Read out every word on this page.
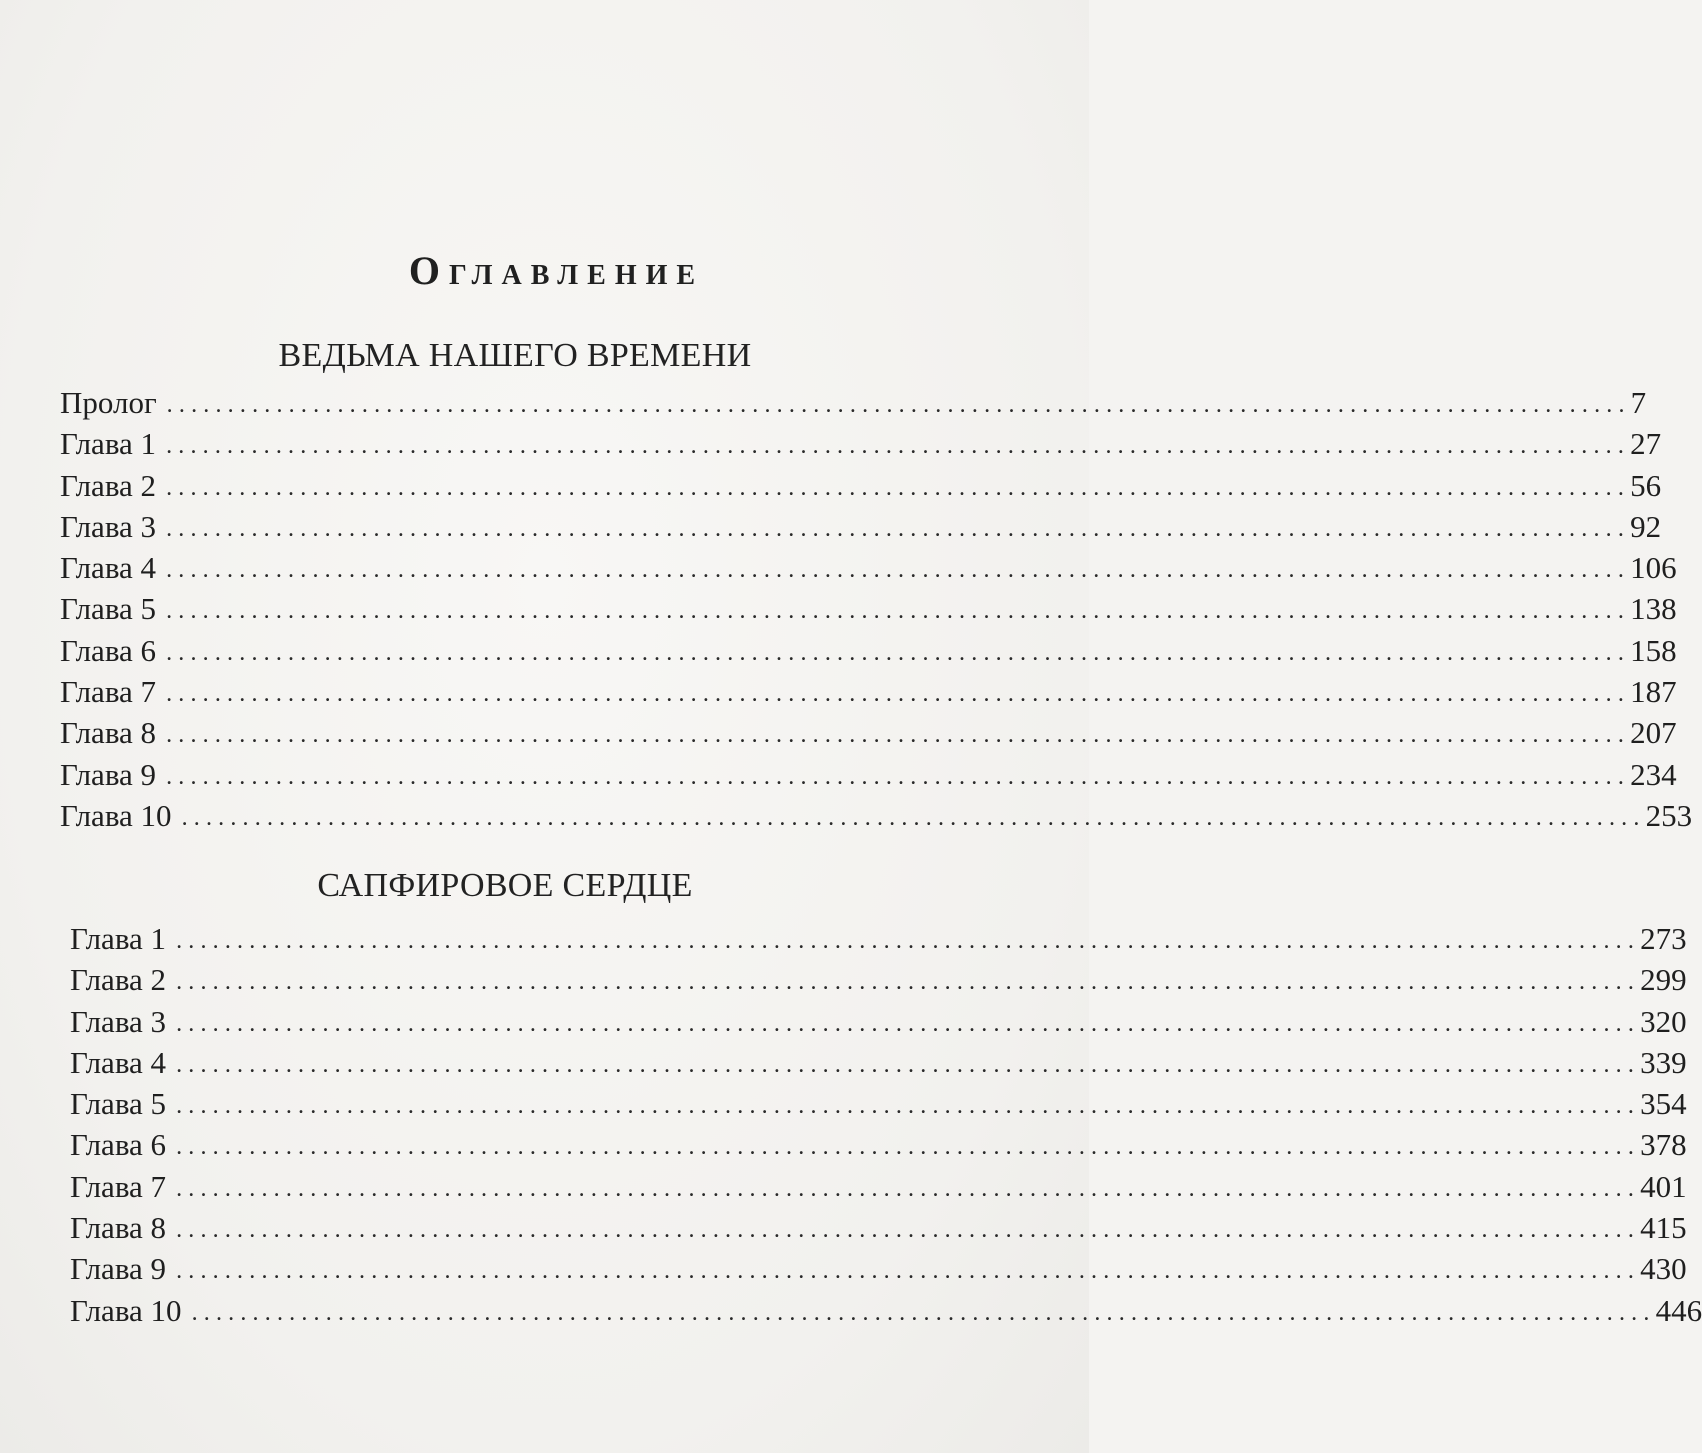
Оглавление
ВЕДЬМА НАШЕГО ВРЕМЕНИ
Пролог ........................................................................................................................ 7
Глава 1 ........................................................................................................................ 27
Глава 2 ........................................................................................................................ 56
Глава 3 ........................................................................................................................ 92
Глава 4 ........................................................................................................................ 106
Глава 5 ........................................................................................................................ 138
Глава 6 ........................................................................................................................ 158
Глава 7 ........................................................................................................................ 187
Глава 8 ........................................................................................................................ 207
Глава 9 ........................................................................................................................ 234
Глава 10 ........................................................................................................................ 253
САПФИРОВОЕ СЕРДЦЕ
Глава 1 ........................................................................................................................ 273
Глава 2 ........................................................................................................................ 299
Глава 3 ........................................................................................................................ 320
Глава 4 ........................................................................................................................ 339
Глава 5 ........................................................................................................................ 354
Глава 6 ........................................................................................................................ 378
Глава 7 ........................................................................................................................ 401
Глава 8 ........................................................................................................................ 415
Глава 9 ........................................................................................................................ 430
Глава 10 ........................................................................................................................ 446
